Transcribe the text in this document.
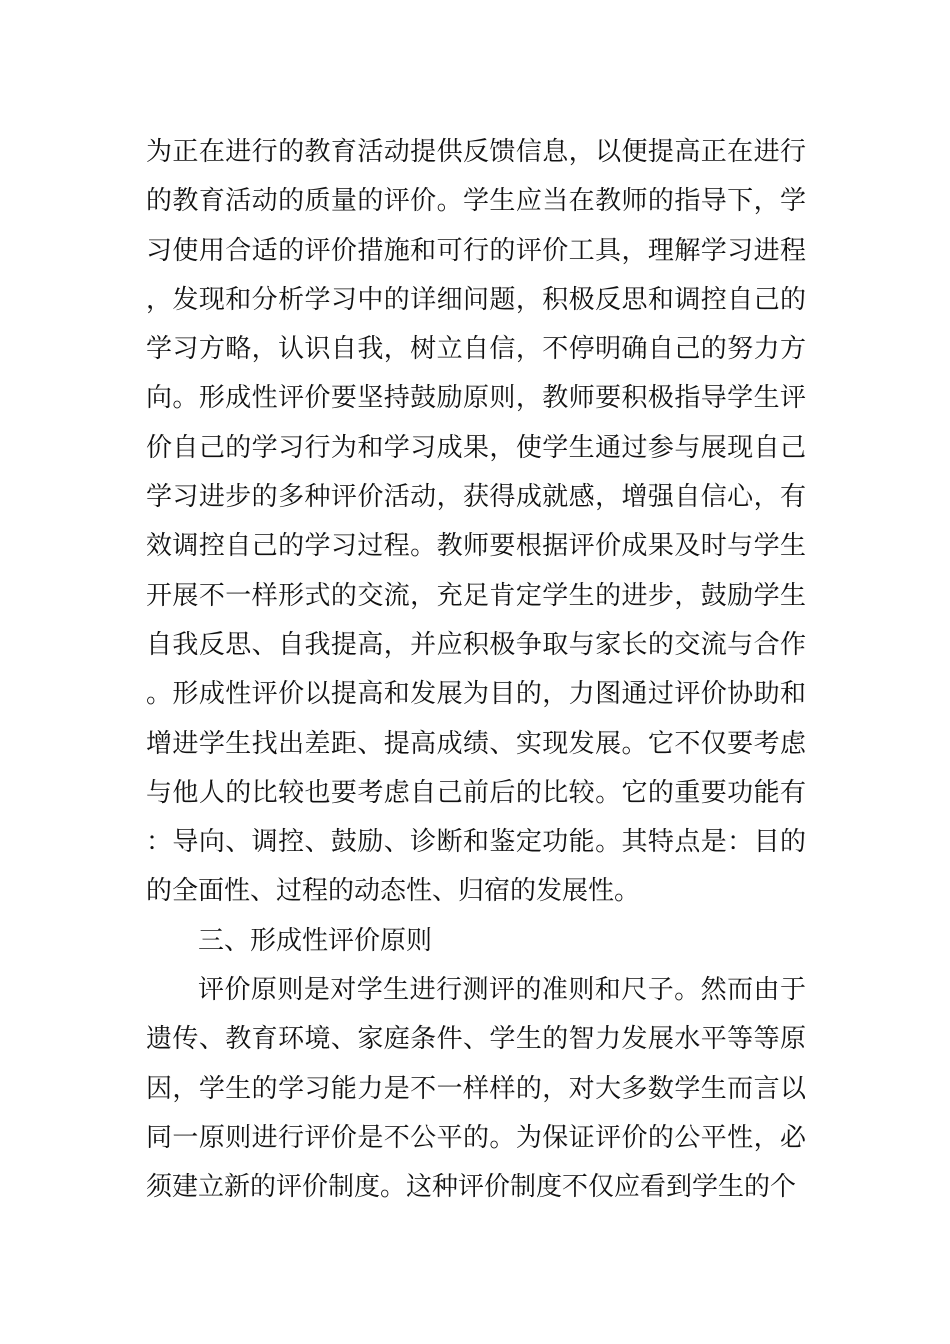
为正在进行的教育活动提供反馈信息，以便提高正在进行的教育活动的质量的评价。学生应当在教师的指导下，学习使用合适的评价措施和可行的评价工具，理解学习进程，发现和分析学习中的详细问题，积极反思和调控自己的学习方略，认识自我，树立自信，不停明确自己的努力方向。形成性评价要坚持鼓励原则，教师要积极指导学生评价自己的学习行为和学习成果，使学生通过参与展现自己学习进步的多种评价活动，获得成就感，增强自信心，有效调控自己的学习过程。教师要根据评价成果及时与学生开展不一样形式的交流，充足肯定学生的进步，鼓励学生自我反思、自我提高，并应积极争取与家长的交流与合作。形成性评价以提高和发展为目的，力图通过评价协助和增进学生找出差距、提高成绩、实现发展。它不仅要考虑与他人的比较也要考虑自己前后的比较。它的重要功能有：导向、调控、鼓励、诊断和鉴定功能。其特点是：目的的全面性、过程的动态性、归宿的发展性。

三、形成性评价原则

评价原则是对学生进行测评的准则和尺子。然而由于遗传、教育环境、家庭条件、学生的智力发展水平等等原因，学生的学习能力是不一样样的，对大多数学生而言以同一原则进行评价是不公平的。为保证评价的公平性，必须建立新的评价制度。这种评价制度不仅应看到学生的个
